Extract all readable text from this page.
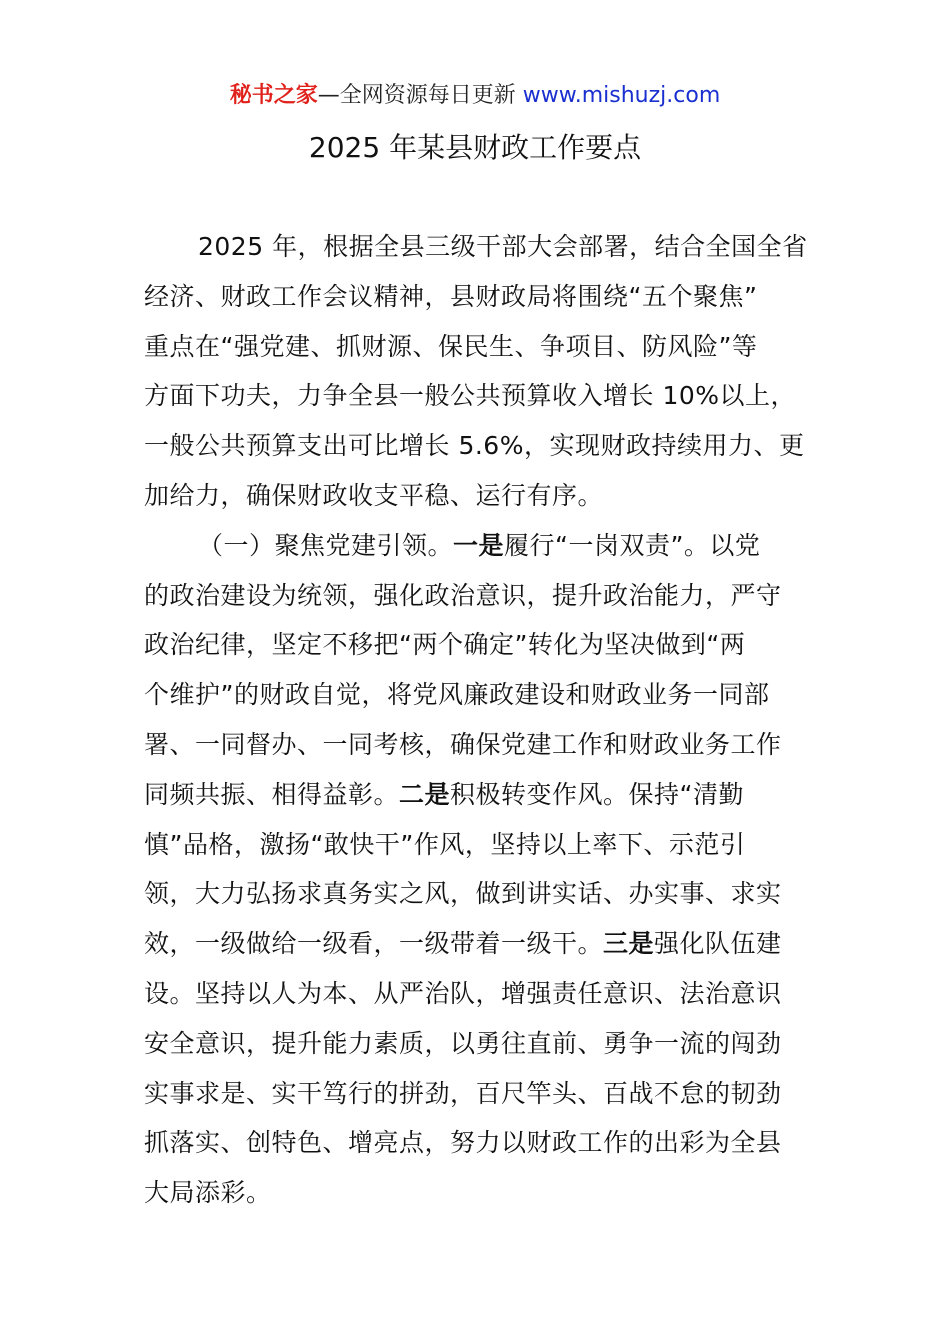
秘书之家—全网资源每日更新 www.mishuzj.com
2025 年某县财政工作要点
2025 年，根据全县三级干部大会部署，结合全国全省
经济、财政工作会议精神，县财政局将围绕“五个聚焦”
重点在“强党建、抓财源、保民生、争项目、防风险”等
方面下功夫，力争全县一般公共预算收入增长 10%以上，
一般公共预算支出可比增长 5.6%，实现财政持续用力、更
加给力，确保财政收支平稳、运行有序。
（一）聚焦党建引领。一是履行“一岗双责”。以党
的政治建设为统领，强化政治意识，提升政治能力，严守
政治纪律，坚定不移把“两个确定”转化为坚决做到“两
个维护”的财政自觉，将党风廉政建设和财政业务一同部
署、一同督办、一同考核，确保党建工作和财政业务工作
同频共振、相得益彰。二是积极转变作风。保持“清勤
慎”品格，激扬“敢快干”作风，坚持以上率下、示范引
领，大力弘扬求真务实之风，做到讲实话、办实事、求实
效，一级做给一级看，一级带着一级干。三是强化队伍建
设。坚持以人为本、从严治队，增强责任意识、法治意识
安全意识，提升能力素质，以勇往直前、勇争一流的闯劲
实事求是、实干笃行的拼劲，百尺竿头、百战不怠的韧劲
抓落实、创特色、增亮点，努力以财政工作的出彩为全县
大局添彩。
